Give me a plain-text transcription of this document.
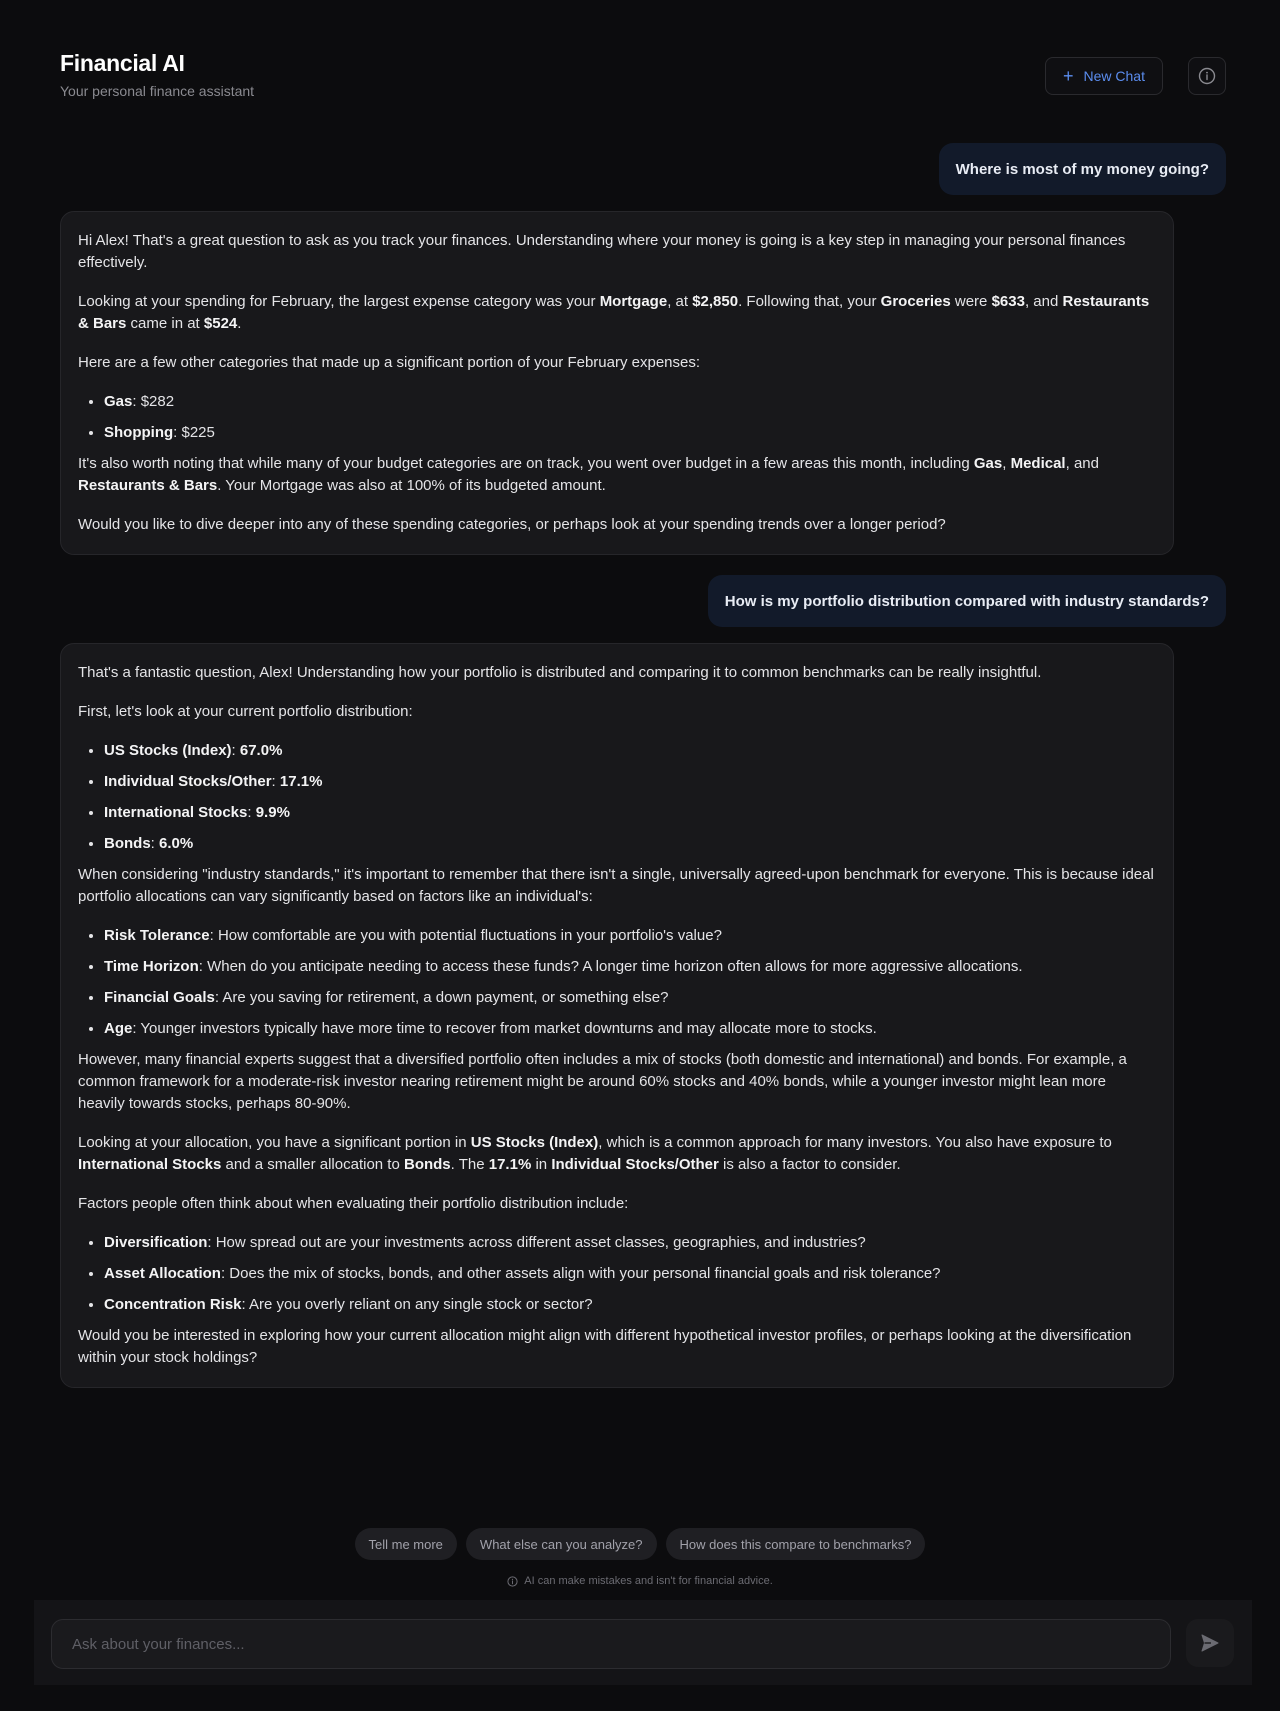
Financial AI
Your personal finance assistant
+ New Chat
Where is most of my money going?

Hi Alex! That's a great question to ask as you track your finances. Understanding where your money is going is a key step in managing your personal finances effectively.

Looking at your spending for February, the largest expense category was your Mortgage, at $2,850. Following that, your Groceries were $633, and Restaurants & Bars came in at $524.

Here are a few other categories that made up a significant portion of your February expenses:

• Gas: $282
• Shopping: $225

It's also worth noting that while many of your budget categories are on track, you went over budget in a few areas this month, including Gas, Medical, and Restaurants & Bars. Your Mortgage was also at 100% of its budgeted amount.

Would you like to dive deeper into any of these spending categories, or perhaps look at your spending trends over a longer period?

How is my portfolio distribution compared with industry standards?

That's a fantastic question, Alex! Understanding how your portfolio is distributed and comparing it to common benchmarks can be really insightful.

First, let's look at your current portfolio distribution:

• US Stocks (Index): 67.0%
• Individual Stocks/Other: 17.1%
• International Stocks: 9.9%
• Bonds: 6.0%

When considering "industry standards," it's important to remember that there isn't a single, universally agreed-upon benchmark for everyone. This is because ideal portfolio allocations can vary significantly based on factors like an individual's:

• Risk Tolerance: How comfortable are you with potential fluctuations in your portfolio's value?
• Time Horizon: When do you anticipate needing to access these funds? A longer time horizon often allows for more aggressive allocations.
• Financial Goals: Are you saving for retirement, a down payment, or something else?
• Age: Younger investors typically have more time to recover from market downturns and may allocate more to stocks.

However, many financial experts suggest that a diversified portfolio often includes a mix of stocks (both domestic and international) and bonds. For example, a common framework for a moderate-risk investor nearing retirement might be around 60% stocks and 40% bonds, while a younger investor might lean more heavily towards stocks, perhaps 80-90%.

Looking at your allocation, you have a significant portion in US Stocks (Index), which is a common approach for many investors. You also have exposure to International Stocks and a smaller allocation to Bonds. The 17.1% in Individual Stocks/Other is also a factor to consider.

Factors people often think about when evaluating their portfolio distribution include:

• Diversification: How spread out are your investments across different asset classes, geographies, and industries?
• Asset Allocation: Does the mix of stocks, bonds, and other assets align with your personal financial goals and risk tolerance?
• Concentration Risk: Are you overly reliant on any single stock or sector?

Would you be interested in exploring how your current allocation might align with different hypothetical investor profiles, or perhaps looking at the diversification within your stock holdings?

Tell me more	What else can you analyze?	How does this compare to benchmarks?
AI can make mistakes and isn't for financial advice.
Ask about your finances...
